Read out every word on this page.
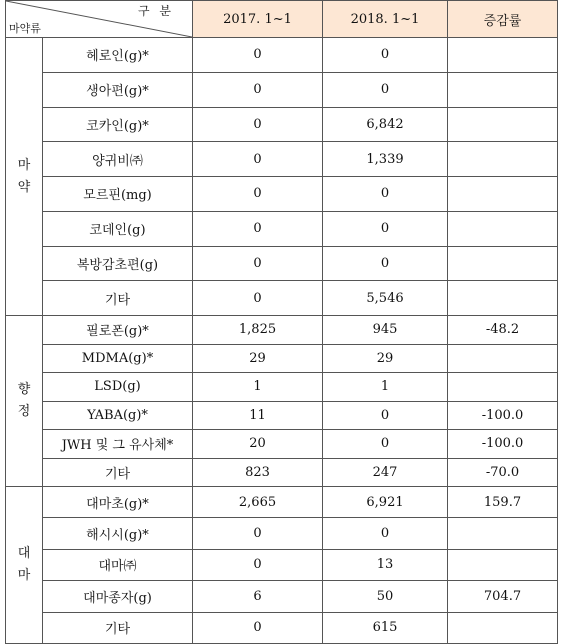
구 분
마약류		2017. 1~1	2018. 1~1	증감률

마
약	헤로인(g)*	0	0	
	생아편(g)*	0	0	
	코카인(g)*	0	6,842	
	양귀비㈜	0	1,339	
	모르핀(mg)	0	0	
	코데인(g)	0	0	
	복방감초편(g)	0	0	
	기타	0	5,546	

향
정	필로폰(g)*	1,825	945	-48.2
	MDMA(g)*	29	29	
	LSD(g)	1	1	
	YABA(g)*	11	0	-100.0
	JWH 및 그 유사체*	20	0	-100.0
	기타	823	247	-70.0

대
마	대마초(g)*	2,665	6,921	159.7
	해시시(g)*	0	0	
	대마㈜	0	13	
	대마종자(g)	6	50	704.7
	기타	0	615	
